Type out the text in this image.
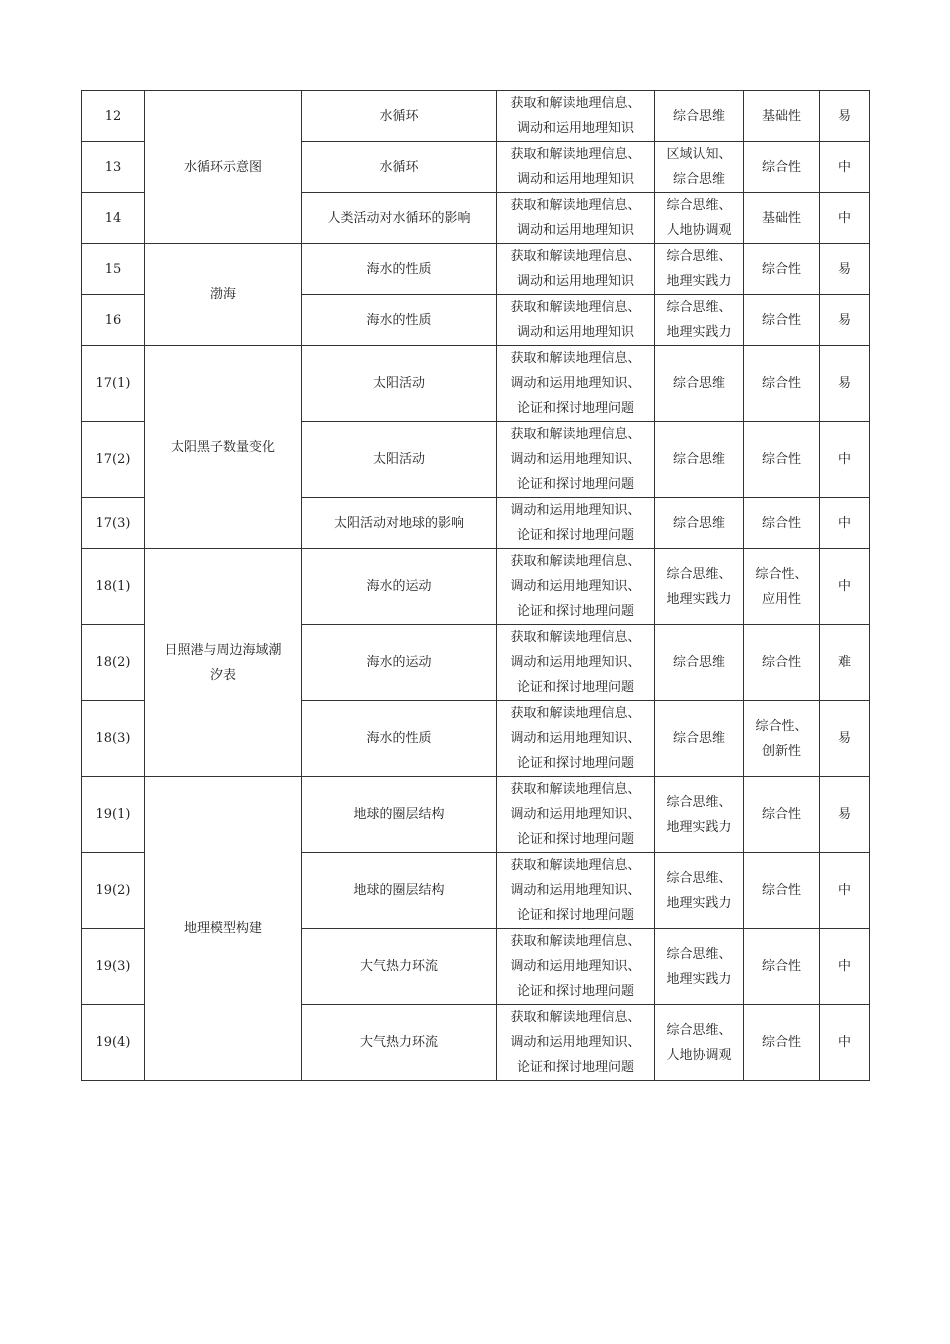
12	水循环示意图	水循环	获取和解读地理信息、
调动和运用地理知识	综合思维	基础性	易

13		水循环	获取和解读地理信息、
调动和运用地理知识	区域认知、
综合思维	综合性	中

14		人类活动对水循环的影响	获取和解读地理信息、
调动和运用地理知识	综合思维、
人地协调观	基础性	中

15	渤海	海水的性质	获取和解读地理信息、
调动和运用地理知识	综合思维、
地理实践力	综合性	易

16		海水的性质	获取和解读地理信息、
调动和运用地理知识	综合思维、
地理实践力	综合性	易

17(1)	太阳黑子数量变化	太阳活动	获取和解读地理信息、
调动和运用地理知识、
论证和探讨地理问题	综合思维	综合性	易

17(2)		太阳活动	获取和解读地理信息、
调动和运用地理知识、
论证和探讨地理问题	综合思维	综合性	中

17(3)		太阳活动对地球的影响	调动和运用地理知识、
论证和探讨地理问题	综合思维	综合性	中

18(1)	日照港与周边海域潮
汐表	海水的运动	获取和解读地理信息、
调动和运用地理知识、
论证和探讨地理问题	综合思维、
地理实践力	综合性、
应用性	中

18(2)		海水的运动	获取和解读地理信息、
调动和运用地理知识、
论证和探讨地理问题	综合思维	综合性	难

18(3)		海水的性质	获取和解读地理信息、
调动和运用地理知识、
论证和探讨地理问题	综合思维	综合性、
创新性	易

19(1)	地理模型构建	地球的圈层结构	获取和解读地理信息、
调动和运用地理知识、
论证和探讨地理问题	综合思维、
地理实践力	综合性	易

19(2)		地球的圈层结构	获取和解读地理信息、
调动和运用地理知识、
论证和探讨地理问题	综合思维、
地理实践力	综合性	中

19(3)		大气热力环流	获取和解读地理信息、
调动和运用地理知识、
论证和探讨地理问题	综合思维、
地理实践力	综合性	中

19(4)		大气热力环流	获取和解读地理信息、
调动和运用地理知识、
论证和探讨地理问题	综合思维、
人地协调观	综合性	中
